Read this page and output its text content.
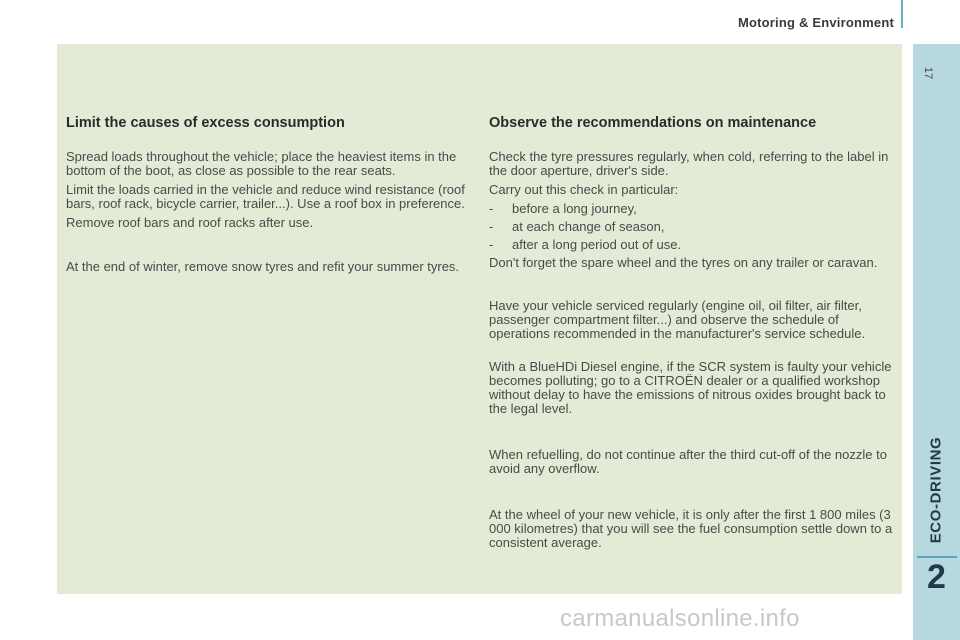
Motoring & Environment
17
ECO-DRIVING
2
Limit the causes of excess consumption

Spread loads throughout the vehicle; place the heaviest items in the bottom of the boot, as close as possible to the rear seats.

Limit the loads carried in the vehicle and reduce wind resistance (roof bars, roof rack, bicycle carrier, trailer...). Use a roof box in preference.

Remove roof bars and roof racks after use.

At the end of winter, remove snow tyres and refit your summer tyres.

Observe the recommendations on maintenance

Check the tyre pressures regularly, when cold, referring to the label in the door aperture, driver's side.

Carry out this check in particular:

-	before a long journey,
-	at each change of season,
-	after a long period out of use.

Don't forget the spare wheel and the tyres on any trailer or caravan.

Have your vehicle serviced regularly (engine oil, oil filter, air filter, passenger compartment filter...) and observe the schedule of operations recommended in the manufacturer's service schedule.

With a BlueHDi Diesel engine, if the SCR system is faulty your vehicle becomes polluting; go to a CITROËN dealer or a qualified workshop without delay to have the emissions of nitrous oxides brought back to the legal level.

When refuelling, do not continue after the third cut-off of the nozzle to avoid any overflow.

At the wheel of your new vehicle, it is only after the first 1 800 miles (3 000 kilometres) that you will see the fuel consumption settle down to a consistent average.

carmanualsonline.info
